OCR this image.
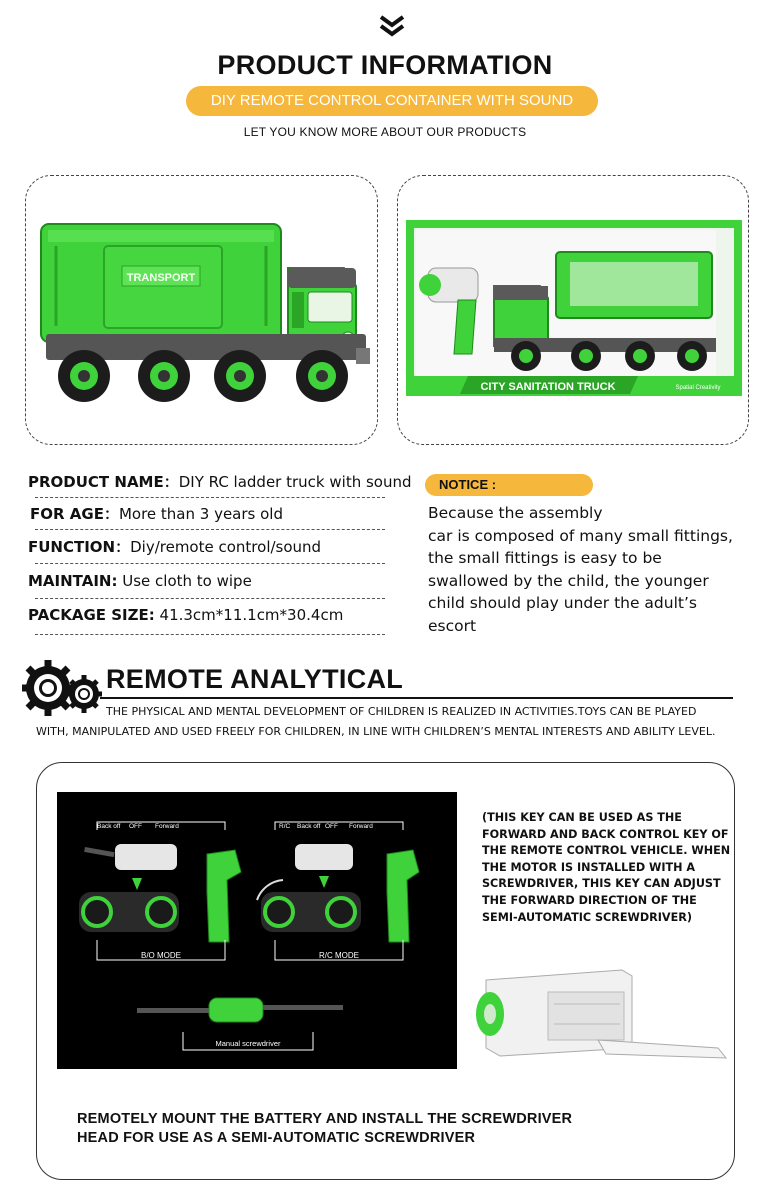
PRODUCT INFORMATION
DIY REMOTE CONTROL CONTAINER WITH SOUND
LET YOU KNOW MORE ABOUT OUR PRODUCTS
TRANSPORT
CITY SANITATION TRUCK	Spatial Creativity
PRODUCT NAME：DIY RC ladder truck with sound
FOR AGE：More than 3 years old
FUNCTION：Diy/remote control/sound
MAINTAIN: Use cloth to wipe
PACKAGE SIZE: 41.3cm*11.1cm*30.4cm
NOTICE :
Because the assembly
car is composed of many small fittings,
the small fittings is easy to be
swallowed by the child, the younger
child should play under the adult’s
escort
REMOTE ANALYTICAL
THE PHYSICAL AND MENTAL DEVELOPMENT OF CHILDREN IS REALIZED IN ACTIVITIES.TOYS CAN BE PLAYED
WITH, MANIPULATED AND USED FREELY FOR CHILDREN, IN LINE WITH CHILDREN’S MENTAL INTERESTS AND ABILITY LEVEL.
Back off OFF Forward	R/C Back off OFF Forward
B/O MODE	R/C MODE
Manual screwdriver
(THIS KEY CAN BE USED AS THE
FORWARD AND BACK CONTROL KEY OF
THE REMOTE CONTROL VEHICLE. WHEN
THE MOTOR IS INSTALLED WITH A
SCREWDRIVER, THIS KEY CAN ADJUST
THE FORWARD DIRECTION OF THE
SEMI-AUTOMATIC SCREWDRIVER)
REMOTELY MOUNT THE BATTERY AND INSTALL THE SCREWDRIVER
HEAD FOR USE AS A SEMI-AUTOMATIC SCREWDRIVER
